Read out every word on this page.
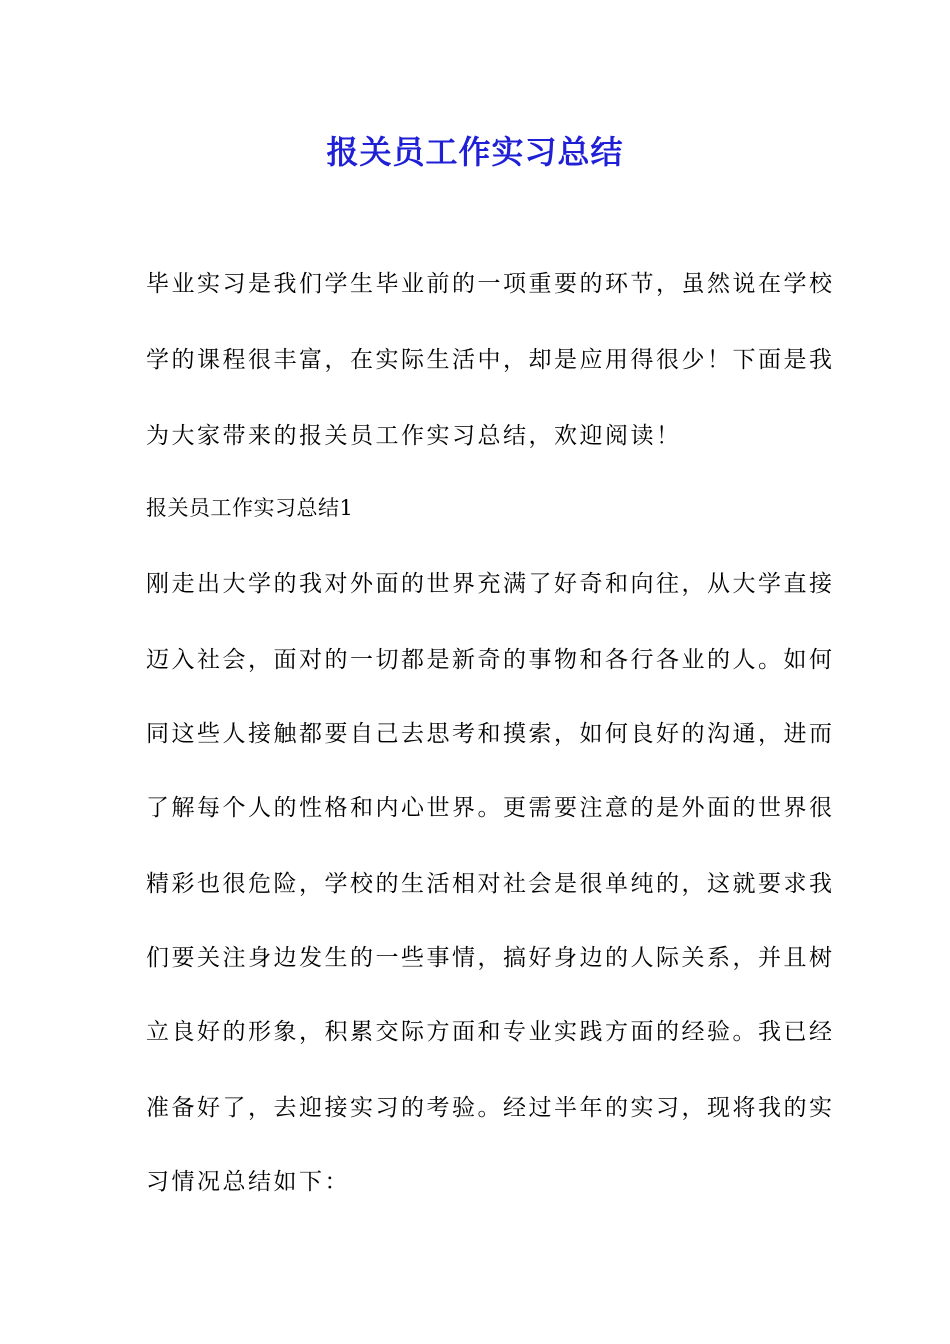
报关员工作实习总结

毕业实习是我们学生毕业前的一项重要的环节，虽然说在学校

学的课程很丰富，在实际生活中，却是应用得很少！下面是我

为大家带来的报关员工作实习总结，欢迎阅读！

报关员工作实习总结1

刚走出大学的我对外面的世界充满了好奇和向往，从大学直接

迈入社会，面对的一切都是新奇的事物和各行各业的人。如何

同这些人接触都要自己去思考和摸索，如何良好的沟通，进而

了解每个人的性格和内心世界。更需要注意的是外面的世界很

精彩也很危险，学校的生活相对社会是很单纯的，这就要求我

们要关注身边发生的一些事情，搞好身边的人际关系，并且树

立良好的形象，积累交际方面和专业实践方面的经验。我已经

准备好了，去迎接实习的考验。经过半年的实习，现将我的实

习情况总结如下：
